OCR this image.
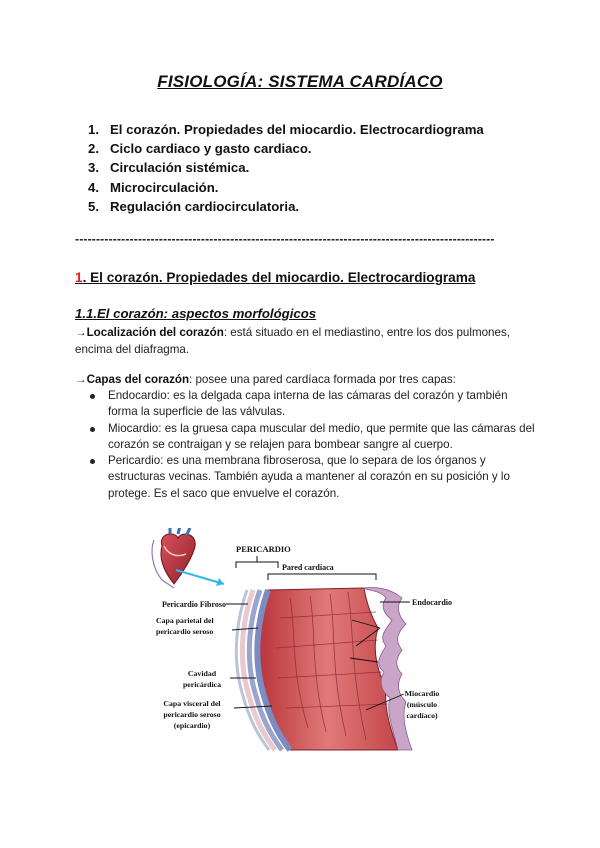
FISIOLOGÍA: SISTEMA CARDÍACO
1. El corazón. Propiedades del miocardio. Electrocardiograma
2. Ciclo cardiaco y gasto cardiaco.
3. Circulación sistémica.
4. Microcirculación.
5. Regulación cardiocirculatoria.
----------------------------------------------------------------------------------------------------
1. El corazón. Propiedades del miocardio. Electrocardiograma
1.1.El corazón: aspectos morfológicos
→Localización del corazón: está situado en el mediastino, entre los dos pulmones, encima del diafragma.
→Capas del corazón: posee una pared cardíaca formada por tres capas:
Endocardio: es la delgada capa interna de las cámaras del corazón y también forma la superficie de las válvulas.
Miocardio: es la gruesa capa muscular del medio, que permite que las cámaras del corazón se contraigan y se relajen para bombear sangre al cuerpo.
Pericardio: es una membrana fibroserosa, que lo separa de los órganos y estructuras vecinas. También ayuda a mantener al corazón en su posición y lo protege. Es el saco que envuelve el corazón.
PERICARDIO
Pared cardíaca
Pericardio Fibroso	Endocardio
Capa parietal del
pericardio seroso
Cavidad
pericárdica
Capa visceral del
pericardio seroso
(epicardio)
Miocardio
(músculo
cardíaco)
